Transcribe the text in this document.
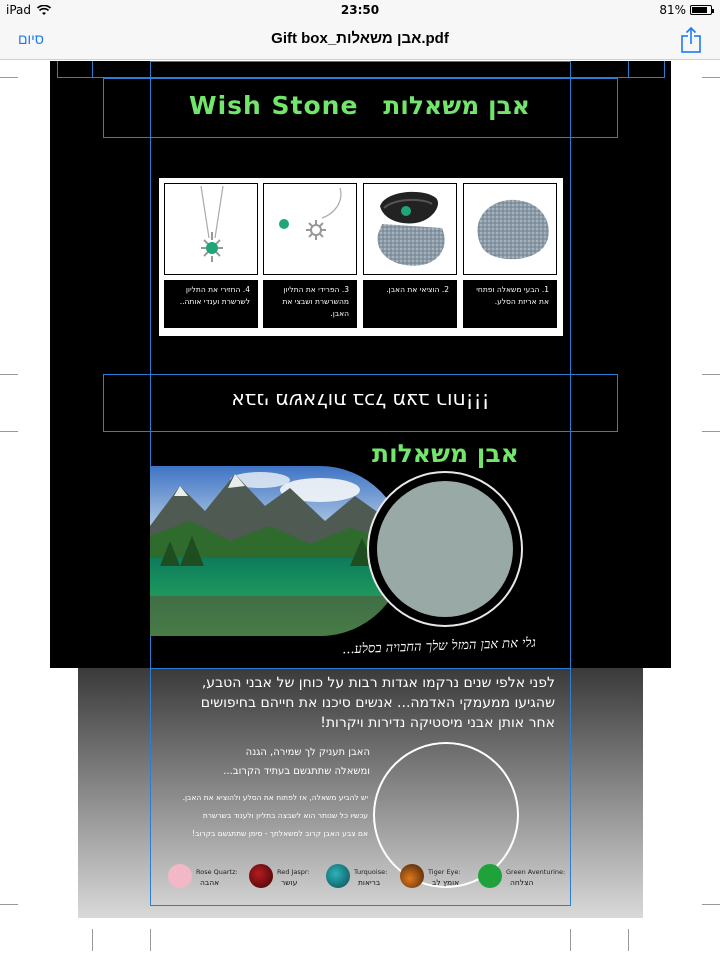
iPad	23:50	81%
סיום	Gift box_אבן משאלות.pdf
אבן משאלות
Wish Stone
1. הבעי משאלה ופתחי את אריזת הסלע.
2. הוציאי את האבן.
3. הפרידי את התליון מהשרשרת ושבצי את האבן.
4. החזירי את התליון לשרשרת וענדי אותה..
אבני משאלות בכל מצב רוח!!!
אבן משאלות
גלי את אבן המזל שלך החבויה בסלע...
לפני אלפי שנים נרקמו אגדות רבות על כוחן של אבני הטבע,
שהגיעו ממעמקי האדמה... אנשים סיכנו את חייהם בחיפושים
אחר אותן אבני מיסטיקה נדירות ויקרות!
האבן תעניק לך שמירה, הגנה
ומשאלה שתתגשם בעתיד הקרוב...
יש להביע משאלה, אז לפתוח את הסלע ולהוציא את האבן.
עכשיו כל שנותר הוא לשבצה בתליון ולענוד בשרשרת
אם צבע האבן קרוב למשאלתך - סימן שתתגשם בקרוב!
Green Aventurine:
הצלחה
Tiger Eye:
אומץ לב
Turquoise:
בריאות
Red Jaspr:
עושר
Rose Quartz:
אהבה
